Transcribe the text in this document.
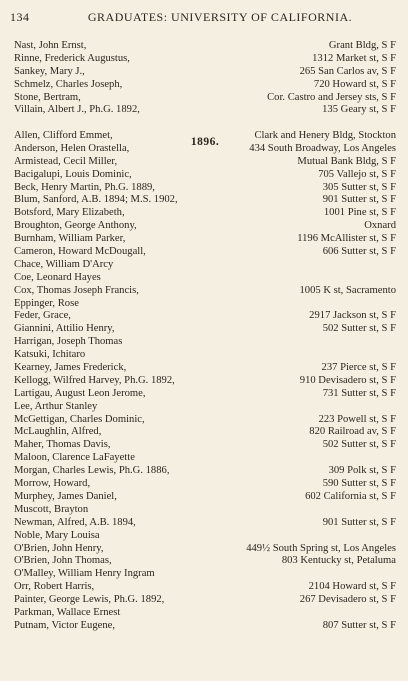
134	GRADUATES: UNIVERSITY OF CALIFORNIA.
Nast, John Ernst,	Grant Bldg, S F
Rinne, Frederick Augustus,	1312 Market st, S F
Sankey, Mary J.,	265 San Carlos av, S F
Schmelz, Charles Joseph,	720 Howard st, S F
Stone, Bertram,	Cor. Castro and Jersey sts, S F
Villain, Albert J., Ph.G. 1892,	135 Geary st, S F
1896.
Allen, Clifford Emmet,	Clark and Henery Bldg, Stockton
Anderson, Helen Orastella,	434 South Broadway, Los Angeles
Armistead, Cecil Miller,	Mutual Bank Bldg, S F
Bacigalupi, Louis Dominic,	705 Vallejo st, S F
Beck, Henry Martin, Ph.G. 1889,	305 Sutter st, S F
Blum, Sanford, A.B. 1894; M.S. 1902,	901 Sutter st, S F
Botsford, Mary Elizabeth,	1001 Pine st, S F
Broughton, George Anthony,	Oxnard
Burnham, William Parker,	1196 McAllister st, S F
Cameron, Howard McDougall,	606 Sutter st, S F
Chace, William D'Arcy
Coe, Leonard Hayes
Cox, Thomas Joseph Francis,	1005 K st, Sacramento
Eppinger, Rose
Feder, Grace,	2917 Jackson st, S F
Giannini, Attilio Henry,	502 Sutter st, S F
Harrigan, Joseph Thomas
Katsuki, Ichitaro
Kearney, James Frederick,	237 Pierce st, S F
Kellogg, Wilfred Harvey, Ph.G. 1892,	910 Devisadero st, S F
Lartigau, August Leon Jerome,	731 Sutter st, S F
Lee, Arthur Stanley
McGettigan, Charles Dominic,	223 Powell st, S F
McLaughlin, Alfred,	820 Railroad av, S F
Maher, Thomas Davis,	502 Sutter st, S F
Maloon, Clarence LaFayette
Morgan, Charles Lewis, Ph.G. 1886,	309 Polk st, S F
Morrow, Howard,	590 Sutter st, S F
Murphey, James Daniel,	602 California st, S F
Muscott, Brayton
Newman, Alfred, A.B. 1894,	901 Sutter st, S F
Noble, Mary Louisa
O'Brien, John Henry,	449½ South Spring st, Los Angeles
O'Brien, John Thomas,	803 Kentucky st, Petaluma
O'Malley, William Henry Ingram
Orr, Robert Harris,	2104 Howard st, S F
Painter, George Lewis, Ph.G. 1892,	267 Devisadero st, S F
Parkman, Wallace Ernest
Putnam, Victor Eugene,	807 Sutter st, S F
